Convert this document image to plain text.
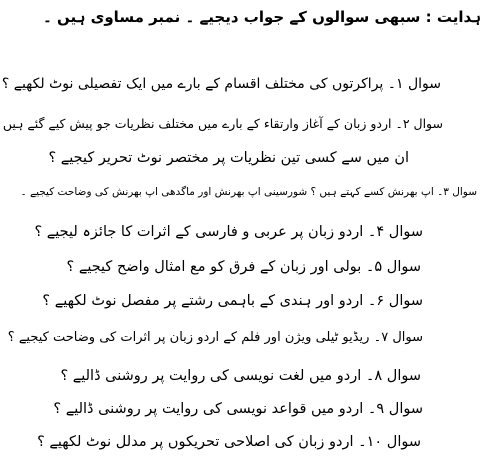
ہدایت : سبھی سوالوں کے جواب دیجیے ۔ نمبر مساوی ہیں ۔
سوال ۱۔ پراکرتوں کی مختلف اقسام کے بارے میں ایک تفصیلی نوٹ لکھیے ؟
سوال ۲۔ اردو زبان کے آغاز وارتقاء کے بارے میں مختلف نظریات جو پیش کیے گئے ہیں
ان میں سے کسی تین نظریات پر مختصر نوٹ تحریر کیجیے ؟
سوال ۳۔ اپ بھرنش کسے کہتے ہیں ؟ شورسینی اپ بھرنش اور ماگدھی اپ بھرنش کی وضاحت کیجیے ۔
سوال ۴۔ اردو زبان پر عربی و فارسی کے اثرات کا جائزہ لیجیے ؟
سوال ۵۔ بولی اور زبان کے فرق کو مع امثال واضح کیجیے ؟
سوال ۶۔ اردو اور ہندی کے باہمی رشتے پر مفصل نوٹ لکھیے ؟
سوال ۷۔ ریڈیو ٹیلی ویژن اور فلم کے اردو زبان پر اثرات کی وضاحت کیجیے ؟
سوال ۸۔ اردو میں لغت نویسی کی روایت پر روشنی ڈالیے ؟
سوال ۹۔ اردو میں قواعد نویسی کی روایت پر روشنی ڈالیے ؟
سوال ۱۰۔ اردو زبان کی اصلاحی تحریکوں پر مدلل نوٹ لکھیے ؟
